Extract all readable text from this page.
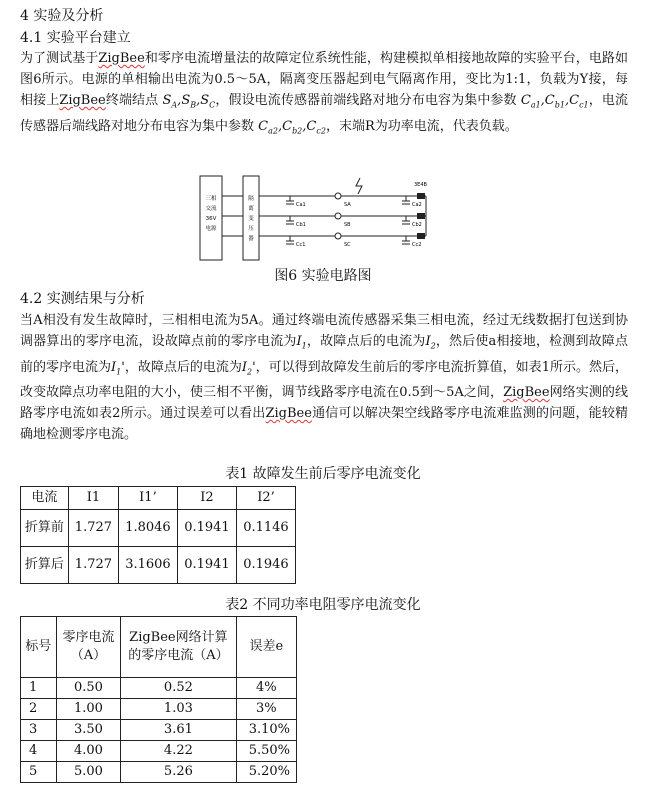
4 实验及分析
4.1 实验平台建立
为了测试基于ZigBee和零序电流增量法的故障定位系统性能，构建模拟单相接地故障的实验平台，电路如图6所示。电源的单相输出电流为0.5～5A，隔离变压器起到电气隔离作用，变比为1:1，负载为Y接，每相接上ZigBee终端结点 $S_A,S_B,S_C$，假设电流传感器前端线路对地分布电容为集中参数 $C_{a1},C_{b1},C_{c1}$，电流传感器后端线路对地分布电容为集中参数 $C_{a2},C_{b2},C_{c2}$，末端R为功率电流，代表负载。
三相交流 36V 电源
隔离变压器
3E4B
Ca1
Cb1
Cc1
Ca2
Cb2
Cc2
SA
SB
SC
图6 实验电路图
4.2 实测结果与分析
当A相没有发生故障时，三相相电流为5A。通过终端电流传感器采集三相电流，经过无线数据打包送到协调器算出的零序电流，设故障点前的零序电流为$I_1$，故障点后的电流为$I_2$，然后使a相接地，检测到故障点前的零序电流为$I_1'$，故障点后的电流为$I_2'$，可以得到故障发生前后的零序电流折算值，如表1所示。然后，改变故障点功率电阻的大小，使三相不平衡，调节线路零序电流在0.5到～5A之间，ZigBee网络实测的线路零序电流如表2所示。通过误差可以看出ZigBee通信可以解决架空线路零序电流难监测的问题，能较精确地检测零序电流。
表1 故障发生前后零序电流变化
电流	I1	I1’	I2	I2’
折算前	1.727	1.8046	0.1941	0.1146
折算后	1.727	3.1606	0.1941	0.1946
表2 不同功率电阻零序电流变化
标号	零序电流（A）	ZigBee网络计算的零序电流（A）	误差e
1	0.50	0.52	4%
2	1.00	1.03	3%
3	3.50	3.61	3.10%
4	4.00	4.22	5.50%
5	5.00	5.26	5.20%
